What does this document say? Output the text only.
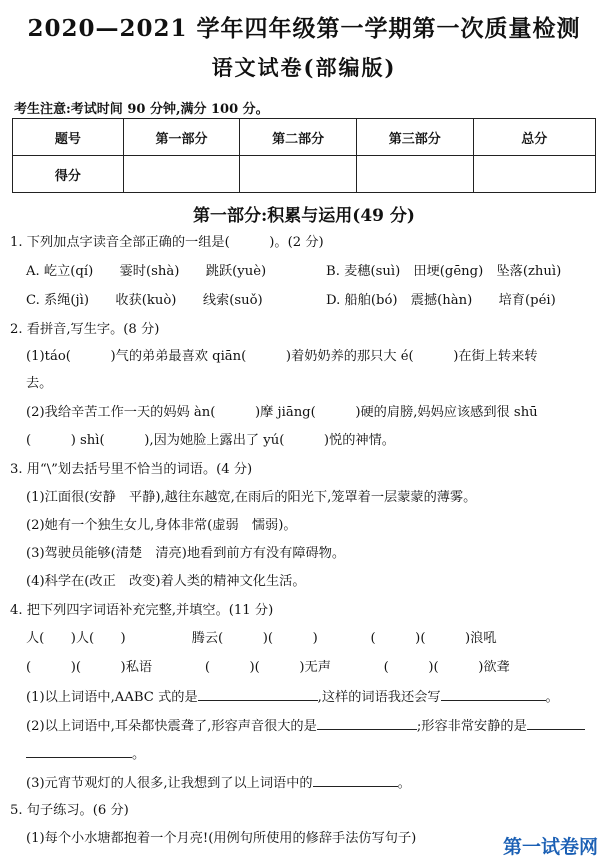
2020—2021 学年四年级第一学期第一次质量检测
语文试卷(部编版)
考生注意:考试时间 90 分钟,满分 100 分。
题号	第一部分	第二部分	第三部分	总分
得分				
第一部分:积累与运用(49 分)
1. 下列加点字读音全部正确的一组是(　　　)。(2 分)
A. 屹立(qí)　　霎时(shà)　　跳跃(yuè)	B. 麦穗(suì)　田埂(gēng)　坠落(zhuì)
C. 系绳(jì)　　收获(kuò)　　线索(suǒ)	D. 船舶(bó)　震撼(hàn)　　培育(péi)
2. 看拼音,写生字。(8 分)
(1)táo(　　　)气的弟弟最喜欢 qiān(　　　)着奶奶养的那只大 é(　　　)在街上转来转
去。
(2)我给辛苦工作一天的妈妈 àn(　　　)摩 jiāng(　　　)硬的肩膀,妈妈应该感到很 shū
(　　　) shì(　　　),因为她脸上露出了 yú(　　　)悦的神情。
3. 用“\”划去括号里不恰当的词语。(4 分)
(1)江面很(安静　平静),越往东越宽,在雨后的阳光下,笼罩着一层蒙蒙的薄雾。
(2)她有一个独生女儿,身体非常(虚弱　懦弱)。
(3)驾驶员能够(清楚　清亮)地看到前方有没有障碍物。
(4)科学在(改正　改变)着人类的精神文化生活。
4. 把下列四字词语补充完整,并填空。(11 分)
人(　　)人(　　)　　　　　腾云(　　　)(　　　)　　　　(　　　)(　　　)浪吼
(　　　)(　　　)私语　　　　(　　　)(　　　)无声　　　　(　　　)(　　　)欲聋
(1)以上词语中,AABC 式的是	,这样的词语我还会写	。
(2)以上词语中,耳朵都快震聋了,形容声音很大的是	;形容非常安静的是
。
(3)元宵节观灯的人很多,让我想到了以上词语中的	。
5. 句子练习。(6 分)
(1)每个小水塘都抱着一个月亮!(用例句所使用的修辞手法仿写句子)	第一试卷网
